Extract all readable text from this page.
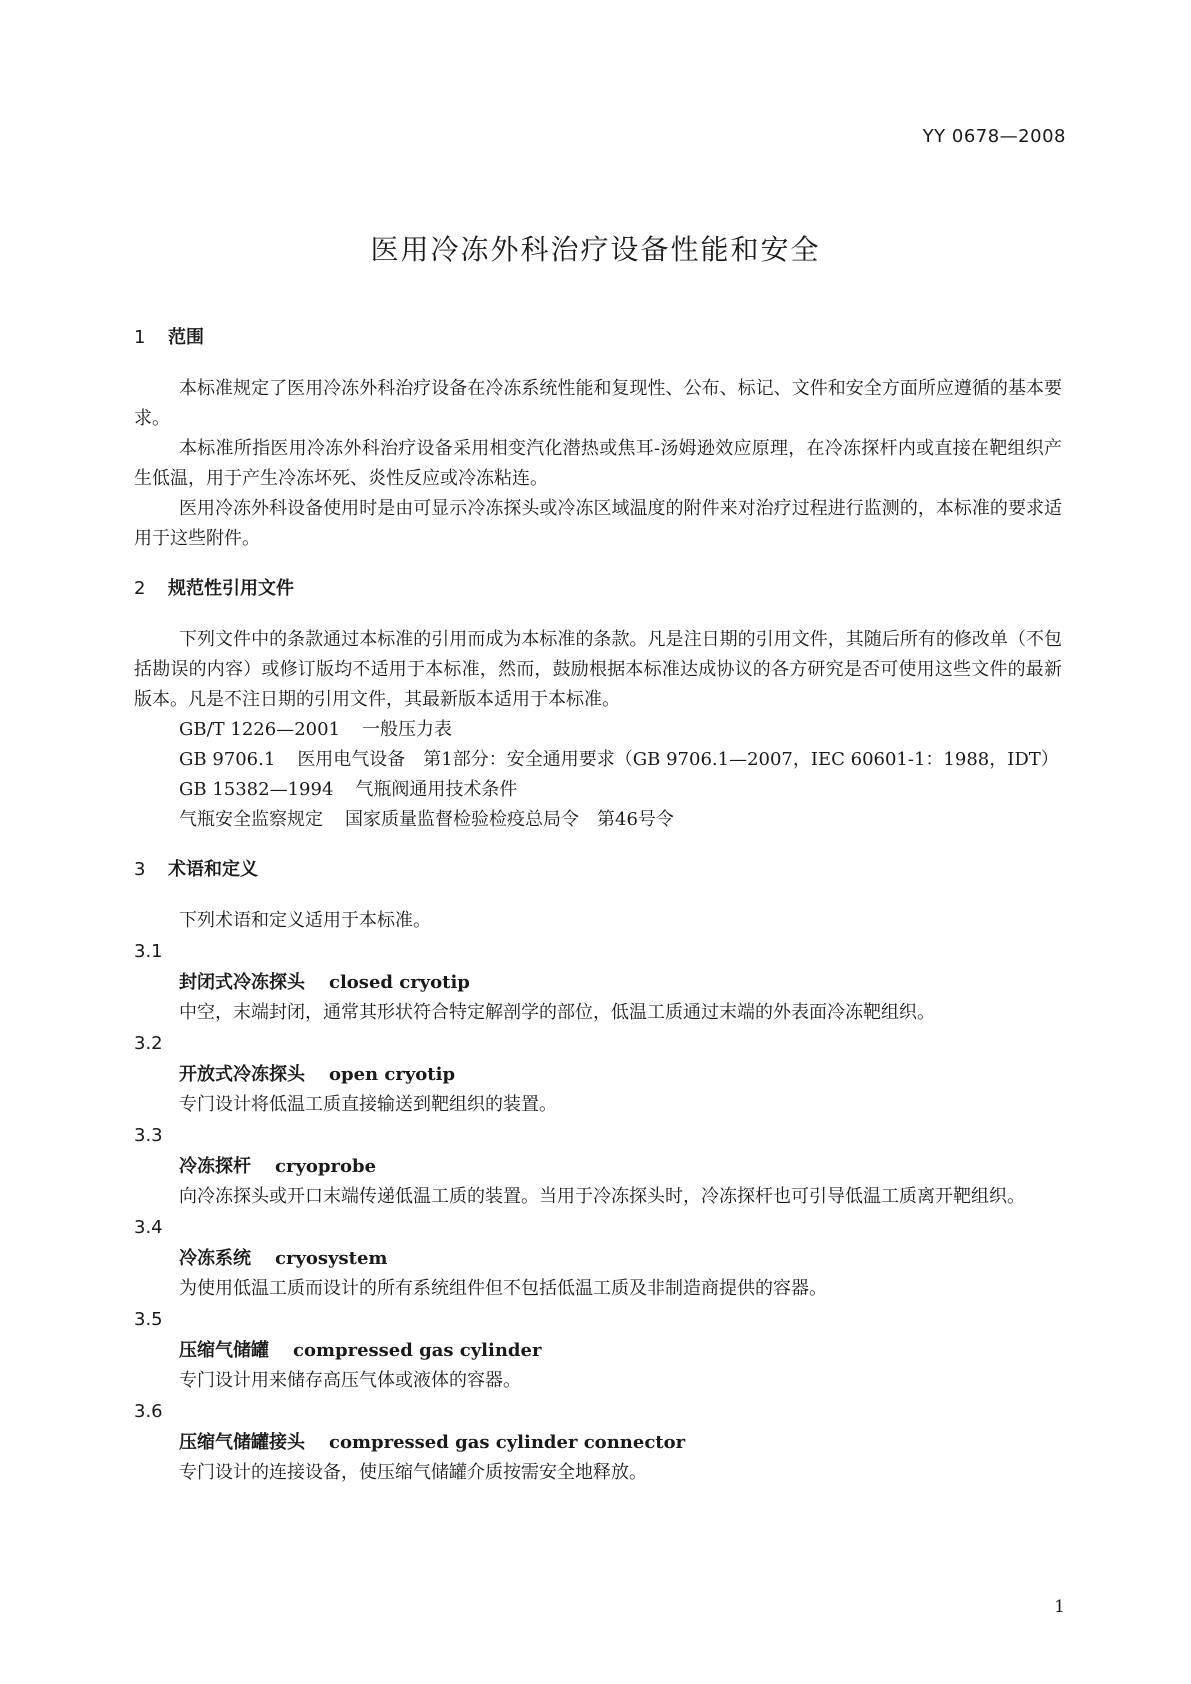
YY 0678—2008
医用冷冻外科治疗设备性能和安全
1 范围

本标准规定了医用冷冻外科治疗设备在冷冻系统性能和复现性、公布、标记、文件和安全方面所应遵循的基本要求。

本标准所指医用冷冻外科治疗设备采用相变汽化潜热或焦耳-汤姆逊效应原理，在冷冻探杆内或直接在靶组织产生低温，用于产生冷冻坏死、炎性反应或冷冻粘连。

医用冷冻外科设备使用时是由可显示冷冻探头或冷冻区域温度的附件来对治疗过程进行监测的，本标准的要求适用于这些附件。

2 规范性引用文件

下列文件中的条款通过本标准的引用而成为本标准的条款。凡是注日期的引用文件，其随后所有的修改单（不包括勘误的内容）或修订版均不适用于本标准，然而，鼓励根据本标准达成协议的各方研究是否可使用这些文件的最新版本。凡是不注日期的引用文件，其最新版本适用于本标准。

GB/T 1226—2001 一般压力表

GB 9706.1 医用电气设备　第1部分：安全通用要求（GB 9706.1—2007，IEC 60601-1：1988，IDT）

GB 15382—1994 气瓶阀通用技术条件

气瓶安全监察规定 国家质量监督检验检疫总局令　第46号令

3 术语和定义

下列术语和定义适用于本标准。

3.1

封闭式冷冻探头 closed cryotip

中空，末端封闭，通常其形状符合特定解剖学的部位，低温工质通过末端的外表面冷冻靶组织。

3.2

开放式冷冻探头 open cryotip

专门设计将低温工质直接输送到靶组织的装置。

3.3

冷冻探杆 cryoprobe

向冷冻探头或开口末端传递低温工质的装置。当用于冷冻探头时，冷冻探杆也可引导低温工质离开靶组织。

3.4

冷冻系统 cryosystem

为使用低温工质而设计的所有系统组件但不包括低温工质及非制造商提供的容器。

3.5

压缩气储罐 compressed gas cylinder

专门设计用来储存高压气体或液体的容器。

3.6

压缩气储罐接头 compressed gas cylinder connector

专门设计的连接设备，使压缩气储罐介质按需安全地释放。

1
